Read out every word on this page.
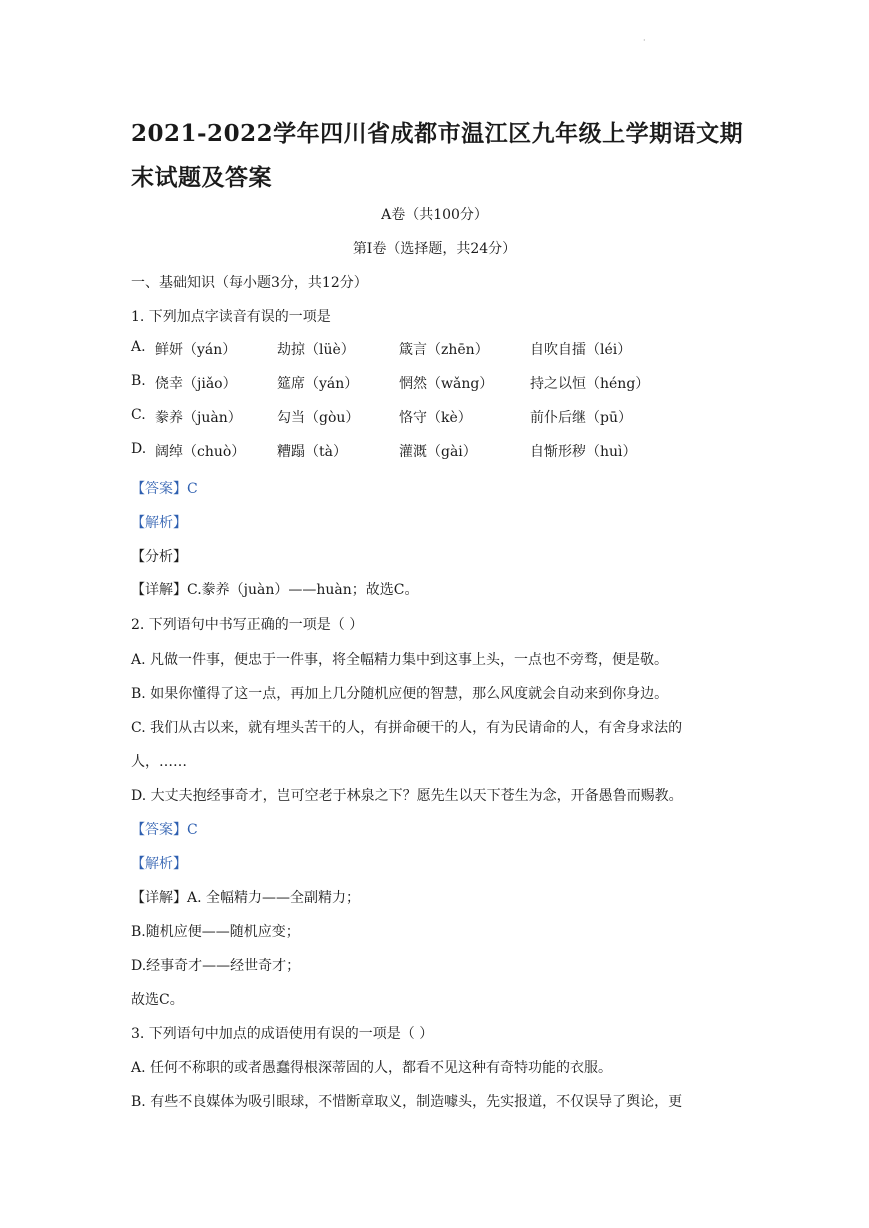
·
2021-2022学年四川省成都市温江区九年级上学期语文期末试题及答案
A卷（共100分）
第Ⅰ卷（选择题，共24分）
一、基础知识（每小题3分，共12分）
1. 下列加点字读音有误的一项是
A. 鲜妍（yán）	劫掠（lüè）	箴言（zhēn）	自吹自擂（léi）
B. 侥幸（jiǎo）	筵席（yán）	惘然（wǎng）	持之以恒（héng）
C. 豢养（juàn）	勾当（gòu）	恪守（kè）	前仆后继（pū）
D. 阔绰（chuò） 糟蹋（tà）	灌溉（gài）	自惭形秽（huì）
【答案】C
【解析】
【分析】
【详解】C.豢养（juàn）——huàn；故选C。
2. 下列语句中书写正确的一项是（ ）
A. 凡做一件事，便忠于一件事，将全幅精力集中到这事上头，一点也不旁骛，便是敬。
B. 如果你懂得了这一点，再加上几分随机应便的智慧，那么风度就会自动来到你身边。
C. 我们从古以来，就有埋头苦干的人，有拼命硬干的人，有为民请命的人，有舍身求法的
人，……
D. 大丈夫抱经事奇才，岂可空老于林泉之下？愿先生以天下苍生为念，开备愚鲁而赐教。
【答案】C
【解析】
【详解】A. 全幅精力——全副精力；
B.随机应便——随机应变；
D.经事奇才——经世奇才；
故选C。
3. 下列语句中加点的成语使用有误的一项是（ ）
A. 任何不称职的或者愚蠢得根深蒂固的人，都看不见这种有奇特功能的衣服。
B. 有些不良媒体为吸引眼球，不惜断章取义，制造噱头，先实报道，不仅误导了舆论，更
